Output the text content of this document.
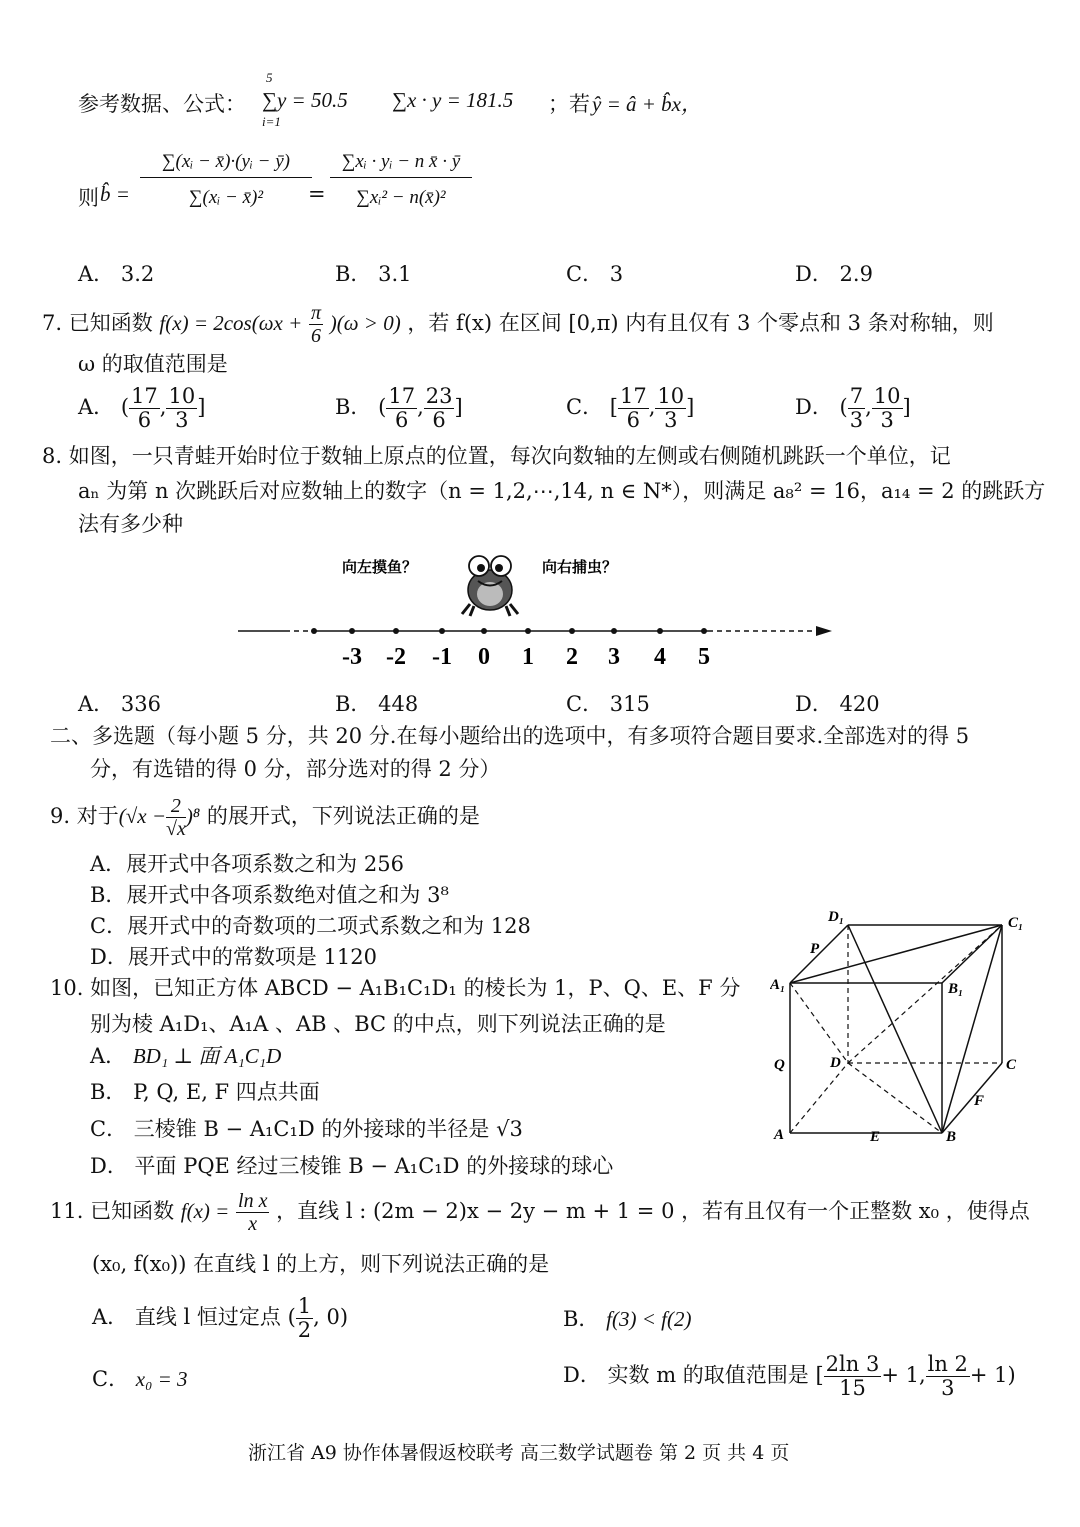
参考数据、公式： ∑y = 50.5
5
i=1
∑x · y = 181.5 ；若 ŷ = â + b̂x，
则 b̂ = $\frac{\text{∑(xᵢ − x̄)·(yᵢ − ȳ)}}{\text{∑(xᵢ − x̄)²}}$
= $\frac{\text{∑xᵢ · yᵢ − n x̄ · ȳ}}{\text{∑xᵢ² − n(x̄)²}}$
A． 3.2	B． 3.1	C． 3	D． 2.9
7. 已知函数 $f(x) = 2\cos(\omega x + \frac{\pi}{6} )(\omega > 0)$ ，若 f(x) 在区间 [0,π) 内有且仅有 3 个零点和 3 条对称轴，则
ω 的取值范围是
A． ( $\frac{17}{6}$ , $\frac{10}{3}$ ]	B． ( $\frac{17}{6}$ , $\frac{23}{6}$ ]	C． [ $\frac{17}{6}$ , $\frac{10}{3}$ ]	D． ( $\frac{7}{3}$ , $\frac{10}{3}$ ]
8. 如图，一只青蛙开始时位于数轴上原点的位置，每次向数轴的左侧或右侧随机跳跃一个单位，记
aₙ 为第 n 次跳跃后对应数轴上的数字（n = 1,2,⋯,14, n ∈ N*），则满足 a₈² = 16，a₁₄ = 2 的跳跃方
法有多少种
向左摸鱼？	向右捕虫？
-3 -2 -1 0 1 2 3 4 5
A． 336	B． 448	C． 315	D． 420
二、多选题（每小题 5 分，共 20 分.在每小题给出的选项中，有多项符合题目要求.全部选对的得 5
分，有选错的得 0 分，部分选对的得 2 分）
9. 对于$(√x - \frac{2}{√x} )^8$ 的展开式，下列说法正确的是
A．展开式中各项系数之和为 256
B．展开式中各项系数绝对值之和为 3⁸
C．展开式中的奇数项的二项式系数之和为 128
D．展开式中的常数项是 1120
10. 如图，已知正方体 ABCD − A₁B₁C₁D₁ 的棱长为 1，P、Q、E、F 分
别为棱 A₁D₁、A₁A 、AB 、BC 的中点，则下列说法正确的是
A． BD₁ ⊥ 面 A₁C₁D
B． P, Q, E, F 四点共面
C． 三棱锥 B − A₁C₁D 的外接球的半径是 √3
D． 平面 PQE 经过三棱锥 B − A₁C₁D 的外接球的球心
D₁	C₁
A₁	B₁
P
Q	D	C
F
A	E	B
11. 已知函数 $f(x) = \frac{\text{ln x}}{x}$ ，直线 l : (2m − 2)x − 2y − m + 1 = 0 ，若有且仅有一个正整数 x₀ ，使得点
(x₀, f(x₀)) 在直线 l 的上方，则下列说法正确的是
A． 直线 l 恒过定点 ( $\frac{1}{2}$ , 0)	B． f(3) < f(2)
C． x₀ = 3	D． 实数 m 的取值范围是 [ $\frac{2\ln 3}{15} + 1$, $\frac{\ln 2}{3} + 1$)
浙江省 A9 协作体暑假返校联考 高三数学试题卷 第 2 页 共 4 页
